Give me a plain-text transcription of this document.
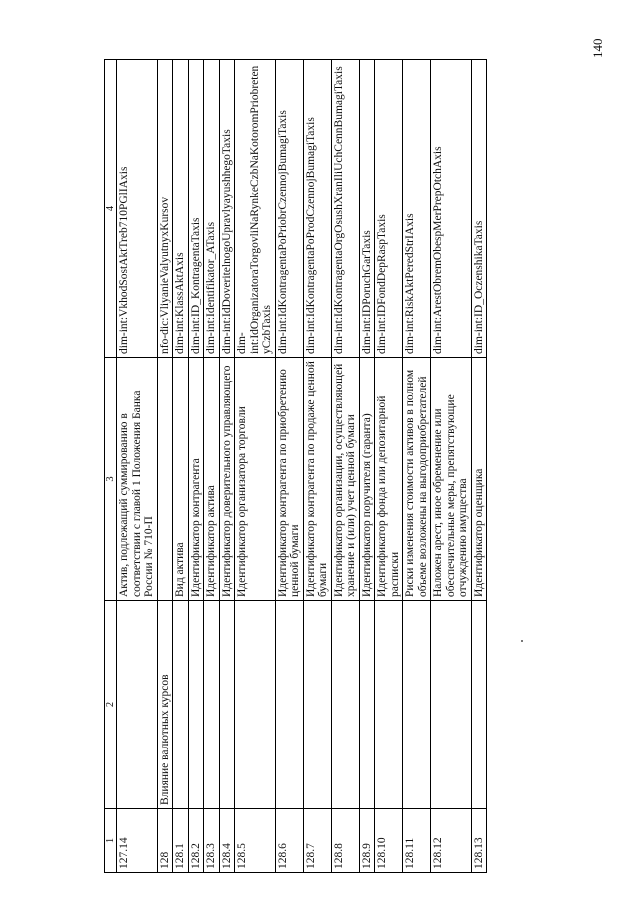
140
1	2	3	4
127.14		Актив, подлежащий суммированию в соответствии с главой 1 Положения Банка России № 710-П	dim-int:VkhodSostAktTreb710PGlIAxis
128	Влияние валютных курсов		nfo-dic:VliyanieValyutnyxKursov
128.1		Вид актива	dim-int:KlassAktAxis
128.2		Идентификатор контрагента	dim-int:ID_KontragentaTaxis
128.3		Идентификатор актива	dim-int:Identifikator_ATaxis
128.4		Идентификатор доверительного управляющего	dim-int:IdDoveritelnogoUpravlyayushhegoTaxis
128.5		Идентификатор организатора торговли	dim-int:IdOrganizatoraTorgovliNaRynkeCzbNaKotoromPriobretenyCzbTaxis
128.6		Идентификатор контрагента по приобретению ценной бумаги	dim-int:IdKontragentaPoPriobrCzennojBumagiTaxis
128.7		Идентификатор контрагента по продаже ценной бумаги	dim-int:IdKontragentaPoProdCzennojBumagiTaxis
128.8		Идентификатор организации, осуществляющей хранение и (или) учет ценной бумаги	dim-int:IdKontragentaOrgOsushXranIliUchCennBumagiTaxis
128.9		Идентификатор поручителя (гаранта)	dim-int:IDPoruchGarTaxis
128.10		Идентификатор фонда или депозитарной расписки	dim-int:IDFondDepRaspTaxis
128.11		Риски изменения стоимости активов в полном объеме возложены на выгодоприобретателей	dim-int:RiskAktPeredStrIAxis
128.12		Наложен арест, иное обременение или обеспечительные меры, препятствующие отчуждению имущества	dim-int:ArestObremObespMerPrepOtchAxis
128.13		Идентификатор оценщика	dim-int:ID_OczenshikaTaxis
